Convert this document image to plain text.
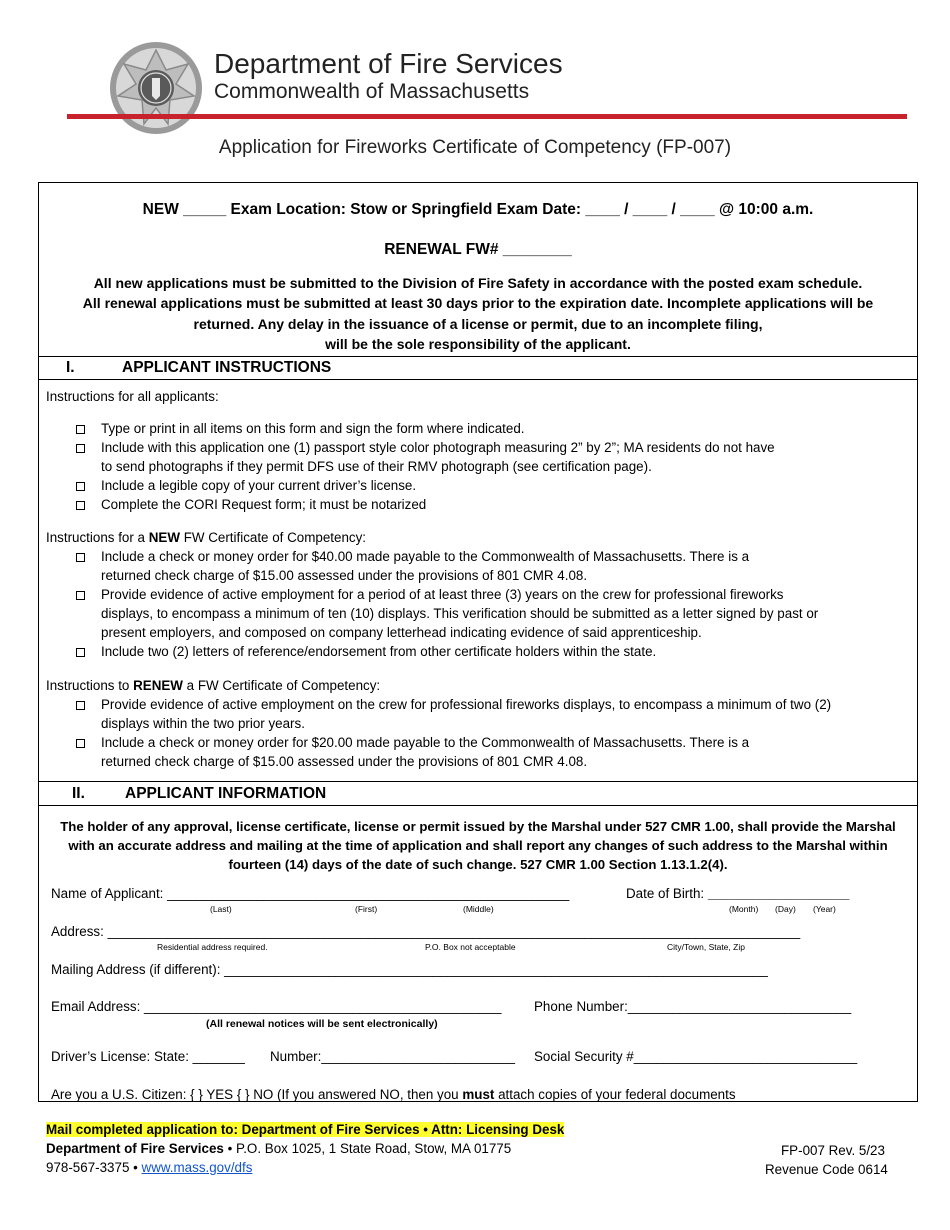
Department of Fire Services
Commonwealth of Massachusetts
Application for Fireworks Certificate of Competency (FP-007)
NEW _____ Exam Location: Stow or Springfield Exam Date: ____ / ____ / ____ @ 10:00 a.m.
RENEWAL FW# ________
All new applications must be submitted to the Division of Fire Safety in accordance with the posted exam schedule.
All renewal applications must be submitted at least 30 days prior to the expiration date. Incomplete applications will be
returned. Any delay in the issuance of a license or permit, due to an incomplete filing,
will be the sole responsibility of the applicant.
I.	APPLICANT INSTRUCTIONS
Instructions for all applicants:
Type or print in all items on this form and sign the form where indicated.
Include with this application one (1) passport style color photograph measuring 2” by 2”; MA residents do not have
to send photographs if they permit DFS use of their RMV photograph (see certification page).
Include a legible copy of your current driver’s license.
Complete the CORI Request form; it must be notarized
Instructions for a NEW FW Certificate of Competency:
Include a check or money order for $40.00 made payable to the Commonwealth of Massachusetts. There is a
returned check charge of $15.00 assessed under the provisions of 801 CMR 4.08.
Provide evidence of active employment for a period of at least three (3) years on the crew for professional fireworks
displays, to encompass a minimum of ten (10) displays. This verification should be submitted as a letter signed by past or
present employers, and composed on company letterhead indicating evidence of said apprenticeship.
Include two (2) letters of reference/endorsement from other certificate holders within the state.
Instructions to RENEW a FW Certificate of Competency:
Provide evidence of active employment on the crew for professional fireworks displays, to encompass a minimum of two (2)
displays within the two prior years.
Include a check or money order for $20.00 made payable to the Commonwealth of Massachusetts. There is a
returned check charge of $15.00 assessed under the provisions of 801 CMR 4.08.
II.	APPLICANT INFORMATION
The holder of any approval, license certificate, license or permit issued by the Marshal under 527 CMR 1.00, shall provide the Marshal
with an accurate address and mailing at the time of application and shall report any changes of such address to the Marshal within
fourteen (14) days of the date of such change. 527 CMR 1.00 Section 1.13.1.2(4).
Name of Applicant: ______________________________________________________	Date of Birth: ___________________
(Last)	(First)	(Middle)	(Month) (Day) (Year)
Address: _____________________________________________________________________________________________
Residential address required.	P.O. Box not acceptable	City/Town, State, Zip
Mailing Address (if different): _________________________________________________________________________
Email Address: ________________________________________________ Phone Number:______________________________
(All renewal notices will be sent electronically)
Driver’s License: State: _______ Number:__________________________ Social Security #______________________________
Are you a U.S. Citizen: { } YES { } NO (If you answered NO, then you must attach copies of your federal documents
Mail completed application to: Department of Fire Services • Attn: Licensing Desk
Department of Fire Services • P.O. Box 1025, 1 State Road, Stow, MA 01775
978-567-3375 • www.mass.gov/dfs
FP-007 Rev. 5/23
Revenue Code 0614
